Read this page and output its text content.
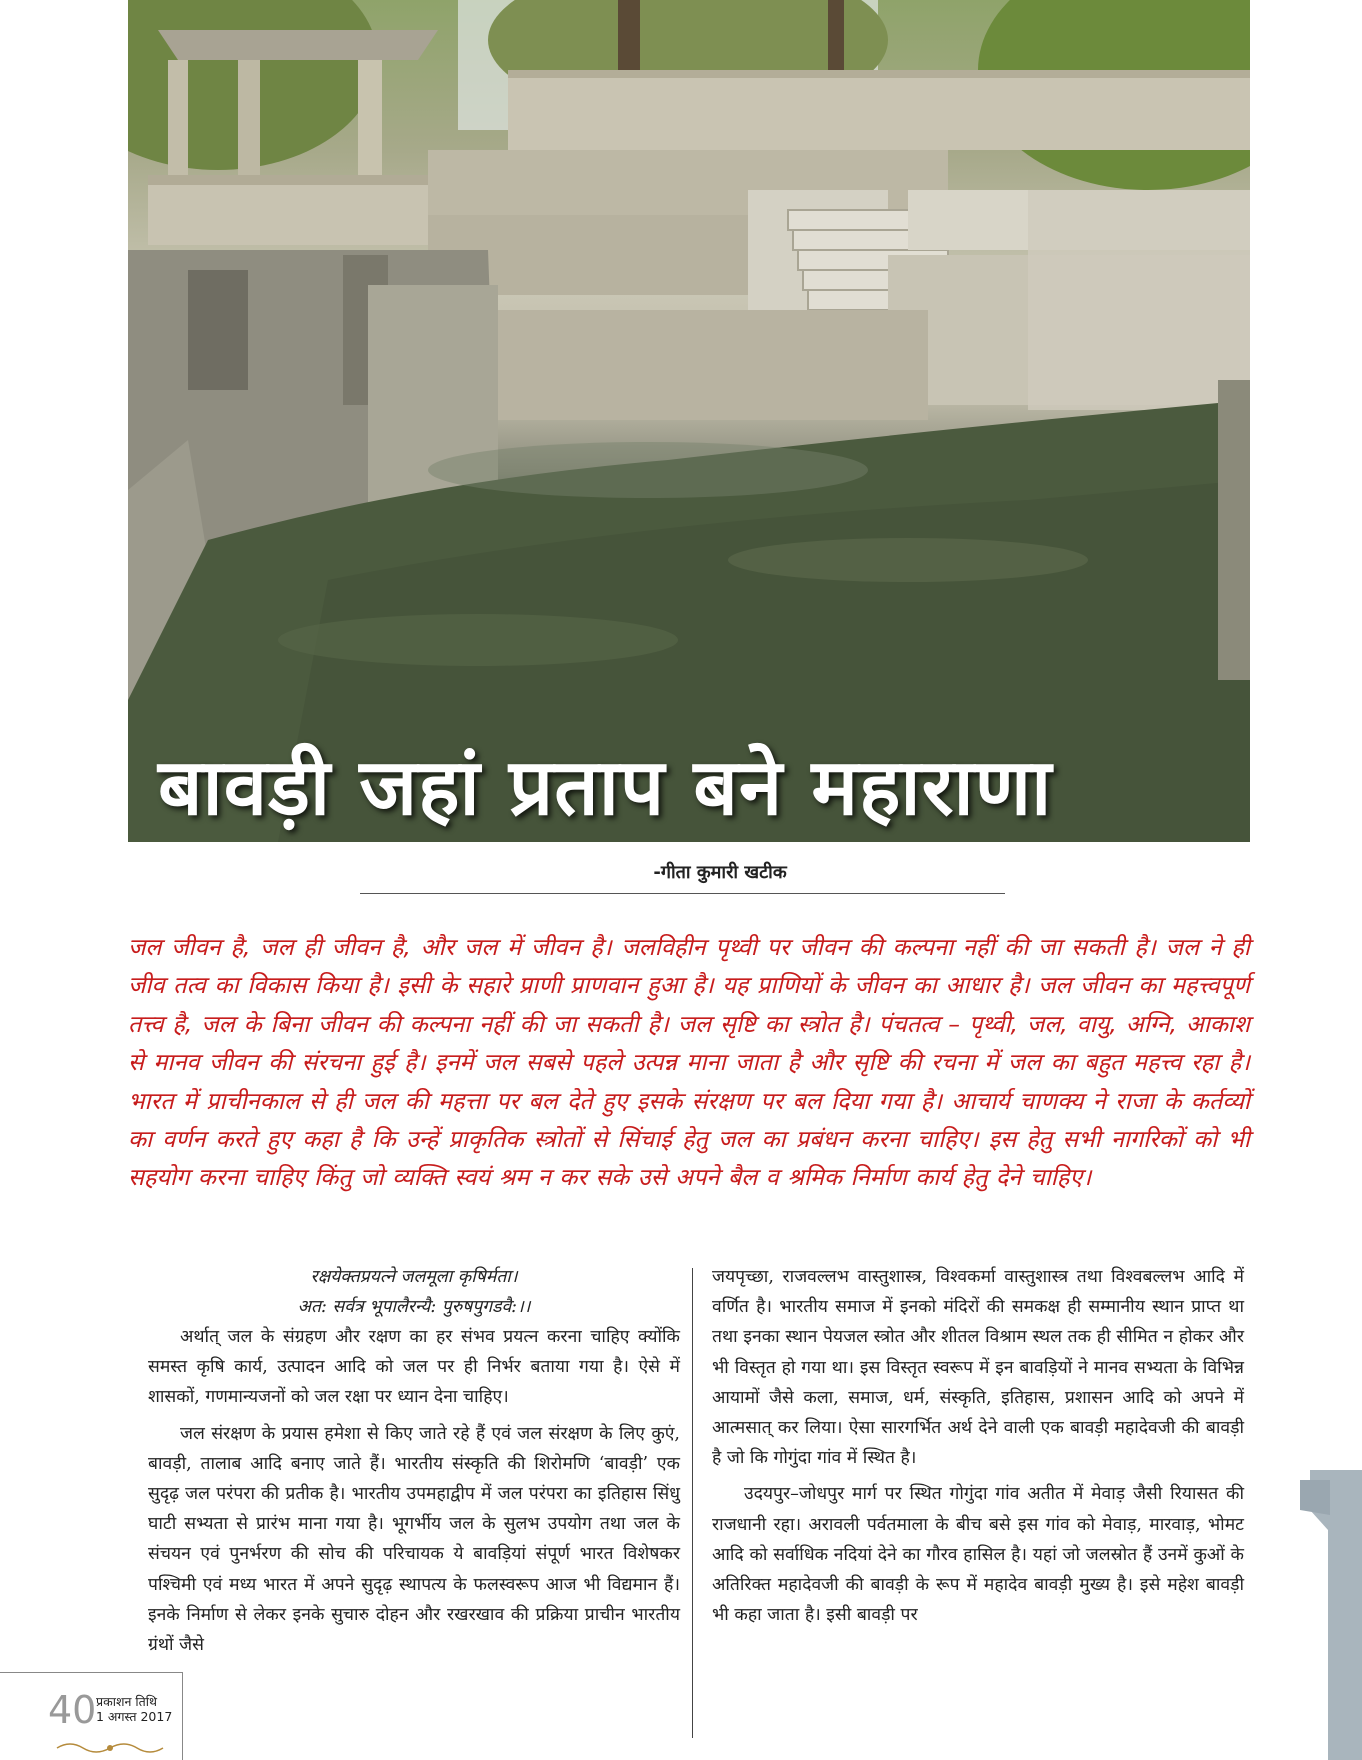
बावड़ी जहां प्रताप बने महाराणा
-गीता कुमारी खटीक
जल जीवन है, जल ही जीवन है, और जल में जीवन है। जलविहीन पृथ्वी पर जीवन की कल्पना नहीं की जा सकती है। जल ने ही जीव तत्व का विकास किया है। इसी के सहारे प्राणी प्राणवान हुआ है। यह प्राणियों के जीवन का आधार है। जल जीवन का महत्त्वपूर्ण तत्त्व है, जल के बिना जीवन की कल्पना नहीं की जा सकती है। जल सृष्टि का स्त्रोत है। पंचतत्व – पृथ्वी, जल, वायु, अग्नि, आकाश से मानव जीवन की संरचना हुई है। इनमें जल सबसे पहले उत्पन्न माना जाता है और सृष्टि की रचना में जल का बहुत महत्त्व रहा है। भारत में प्राचीनकाल से ही जल की महत्ता पर बल देते हुए इसके संरक्षण पर बल दिया गया है। आचार्य चाणक्य ने राजा के कर्तव्यों का वर्णन करते हुए कहा है कि उन्हें प्राकृतिक स्त्रोतों से सिंचाई हेतु जल का प्रबंधन करना चाहिए। इस हेतु सभी नागरिकों को भी सहयोग करना चाहिए किंतु जो व्यक्ति स्वयं श्रम न कर सके उसे अपने बैल व श्रमिक निर्माण कार्य हेतु देने चाहिए।
रक्षयेक्तप्रयत्ने जलमूला कृषिर्मता।
अत: सर्वत्र भूपालैरन्यै: पुरुषपुगडवै:।।

अर्थात् जल के संग्रहण और रक्षण का हर संभव प्रयत्न करना चाहिए क्योंकि समस्त कृषि कार्य, उत्पादन आदि को जल पर ही निर्भर बताया गया है। ऐसे में शासकों, गणमान्यजनों को जल रक्षा पर ध्यान देना चाहिए।

जल संरक्षण के प्रयास हमेशा से किए जाते रहे हैं एवं जल संरक्षण के लिए कुएं, बावड़ी, तालाब आदि बनाए जाते हैं। भारतीय संस्कृति की शिरोमणि ‘बावड़ी’ एक सुदृढ़ जल परंपरा की प्रतीक है। भारतीय उपमहाद्वीप में जल परंपरा का इतिहास सिंधु घाटी सभ्यता से प्रारंभ माना गया है। भूगर्भीय जल के सुलभ उपयोग तथा जल के संचयन एवं पुनर्भरण की सोच की परिचायक ये बावड़ियां संपूर्ण भारत विशेषकर पश्चिमी एवं मध्य भारत में अपने सुदृढ़ स्थापत्य के फलस्वरूप आज भी विद्यमान हैं। इनके निर्माण से लेकर इनके सुचारु दोहन और रखरखाव की प्रक्रिया प्राचीन भारतीय ग्रंथों जैसे

जयपृच्छा, राजवल्लभ वास्तुशास्त्र, विश्वकर्मा वास्तुशास्त्र तथा विश्वबल्लभ आदि में वर्णित है। भारतीय समाज में इनको मंदिरों की समकक्ष ही सम्मानीय स्थान प्राप्त था तथा इनका स्थान पेयजल स्त्रोत और शीतल विश्राम स्थल तक ही सीमित न होकर और भी विस्तृत हो गया था। इस विस्तृत स्वरूप में इन बावड़ियों ने मानव सभ्यता के विभिन्न आयामों जैसे कला, समाज, धर्म, संस्कृति, इतिहास, प्रशासन आदि को अपने में आत्मसात् कर लिया। ऐसा सारगर्भित अर्थ देने वाली एक बावड़ी महादेवजी की बावड़ी है जो कि गोगुंदा गांव में स्थित है।

उदयपुर–जोधपुर मार्ग पर स्थित गोगुंदा गांव अतीत में मेवाड़ जैसी रियासत की राजधानी रहा। अरावली पर्वतमाला के बीच बसे इस गांव को मेवाड़, मारवाड़, भोमट आदि को सर्वाधिक नदियां देने का गौरव हासिल है। यहां जो जलस्रोत हैं उनमें कुओं के अतिरिक्त महादेवजी की बावड़ी के रूप में महादेव बावड़ी मुख्य है। इसे महेश बावड़ी भी कहा जाता है। इसी बावड़ी पर

40 प्रकाशन तिथि
1 अगस्त 2017
